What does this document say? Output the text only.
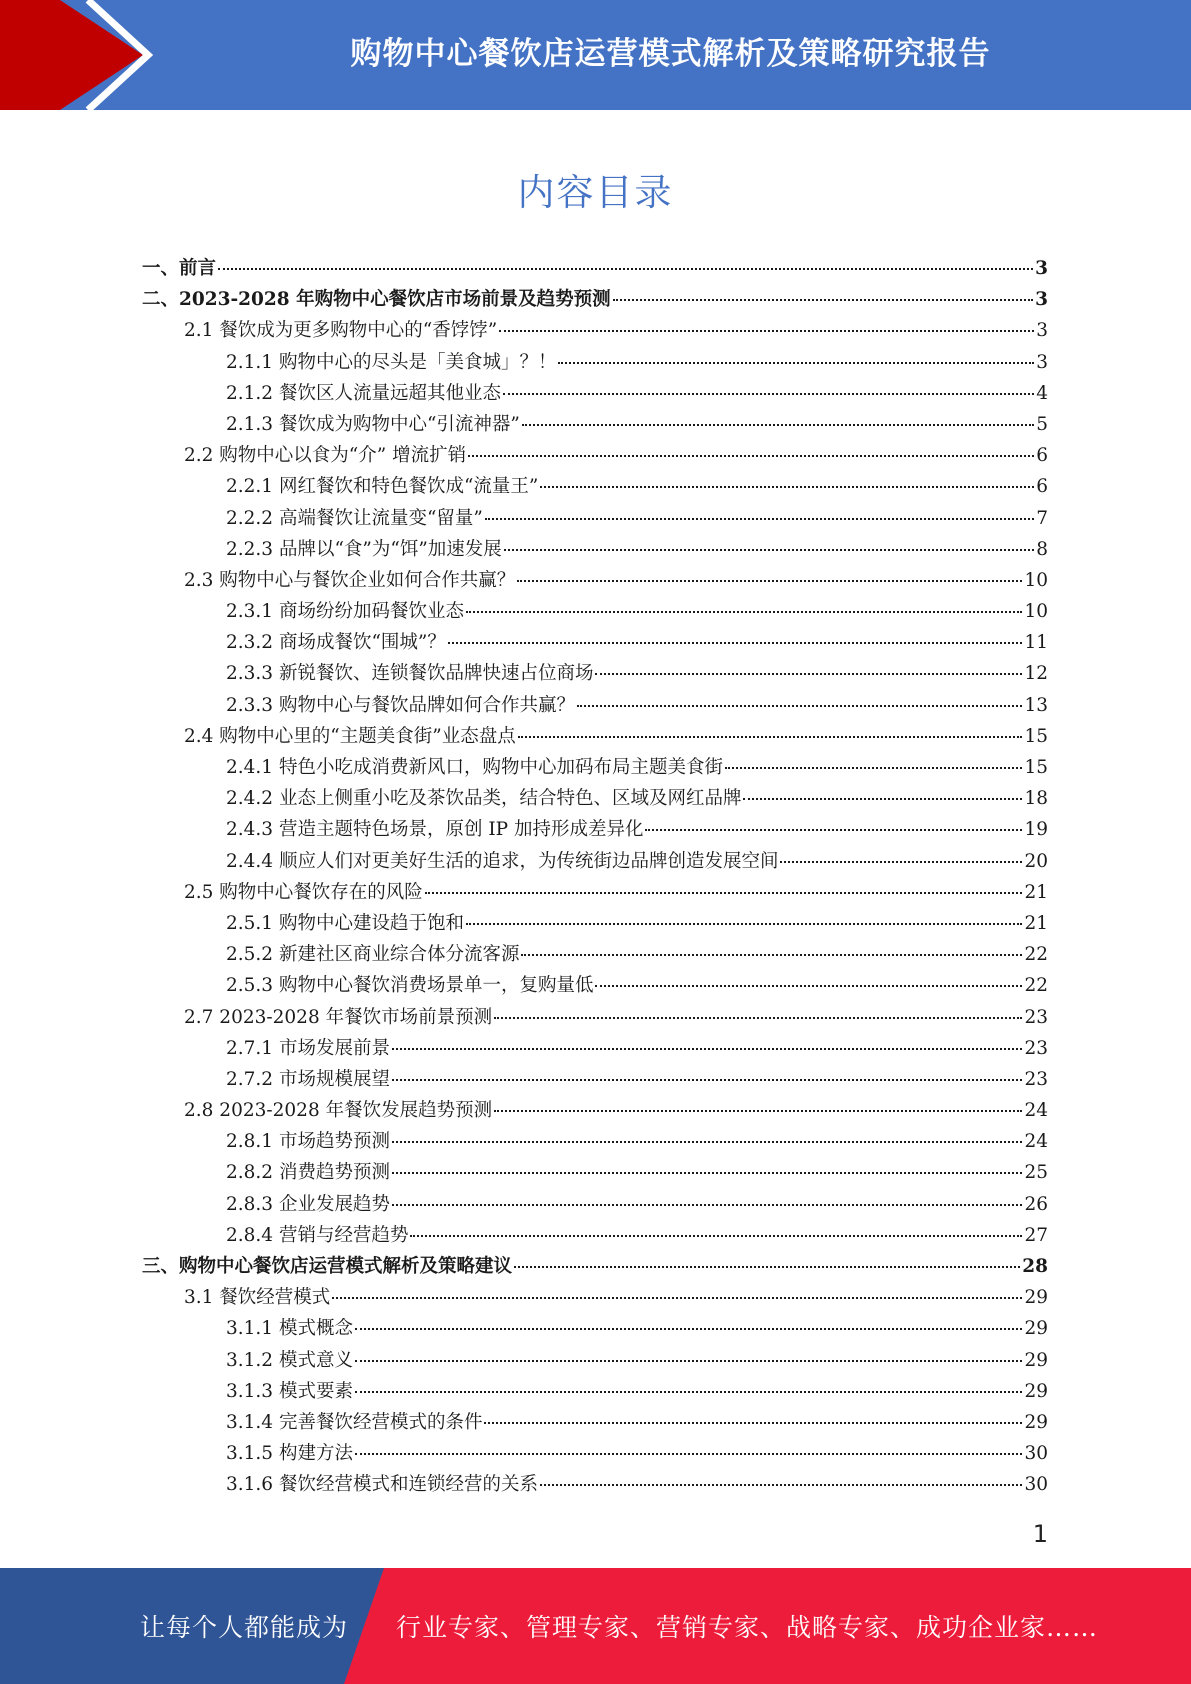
购物中心餐饮店运营模式解析及策略研究报告
内容目录
一、前言	3
二、2023-2028 年购物中心餐饮店市场前景及趋势预测	3
2.1 餐饮成为更多购物中心的“香饽饽”	3
2.1.1 购物中心的尽头是「美食城」？！	3
2.1.2 餐饮区人流量远超其他业态	4
2.1.3 餐饮成为购物中心“引流神器”	5
2.2 购物中心以食为“介” 增流扩销	6
2.2.1 网红餐饮和特色餐饮成“流量王”	6
2.2.2 高端餐饮让流量变“留量”	7
2.2.3 品牌以“食”为“饵”加速发展	8
2.3 购物中心与餐饮企业如何合作共赢？	10
2.3.1 商场纷纷加码餐饮业态	10
2.3.2 商场成餐饮“围城”？	11
2.3.3 新锐餐饮、连锁餐饮品牌快速占位商场	12
2.3.3 购物中心与餐饮品牌如何合作共赢？	13
2.4 购物中心里的“主题美食街”业态盘点	15
2.4.1 特色小吃成消费新风口，购物中心加码布局主题美食街	15
2.4.2 业态上侧重小吃及茶饮品类，结合特色、区域及网红品牌	18
2.4.3 营造主题特色场景，原创 IP 加持形成差异化	19
2.4.4 顺应人们对更美好生活的追求，为传统街边品牌创造发展空间	20
2.5 购物中心餐饮存在的风险	21
2.5.1 购物中心建设趋于饱和	21
2.5.2 新建社区商业综合体分流客源	22
2.5.3 购物中心餐饮消费场景单一，复购量低	22
2.7 2023-2028 年餐饮市场前景预测	23
2.7.1 市场发展前景	23
2.7.2 市场规模展望	23
2.8 2023-2028 年餐饮发展趋势预测	24
2.8.1 市场趋势预测	24
2.8.2 消费趋势预测	25
2.8.3 企业发展趋势	26
2.8.4 营销与经营趋势	27
三、购物中心餐饮店运营模式解析及策略建议	28
3.1 餐饮经营模式	29
3.1.1 模式概念	29
3.1.2 模式意义	29
3.1.3 模式要素	29
3.1.4 完善餐饮经营模式的条件	29
3.1.5 构建方法	30
3.1.6 餐饮经营模式和连锁经营的关系	30
1
让每个人都能成为 行业专家、管理专家、营销专家、战略专家、成功企业家……
